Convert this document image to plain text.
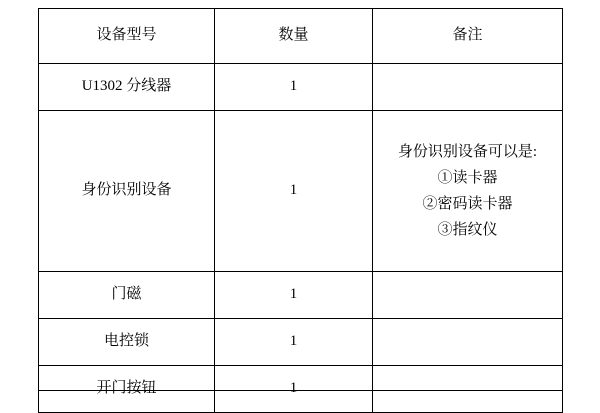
设备型号	数量	备注
U1302 分线器	1	
身份识别设备	1	身份识别设备可以是:
①读卡器
②密码读卡器
③指纹仪

门磁	1	
电控锁	1	
开门按钮	1	
